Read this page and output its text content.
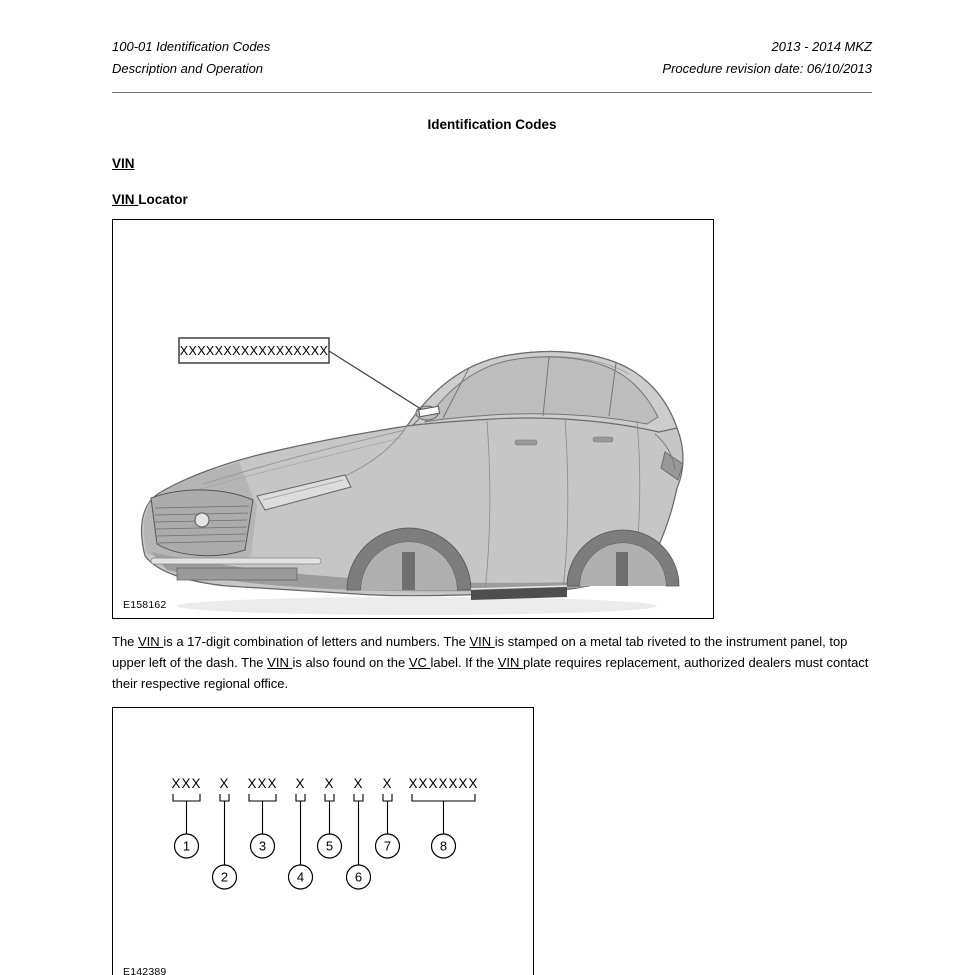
100-01 Identification Codes
Description and Operation
2013 - 2014 MKZ
Procedure revision date: 06/10/2013
Identification Codes
VIN
VIN Locator
XXXXXXXXXXXXXXXXX
E158162

The VIN is a 17-digit combination of letters and numbers. The VIN is stamped on a metal tab riveted to the instrument panel, top upper left of the dash. The VIN is also found on the VC label. If the VIN plate requires replacement, authorized dealers must contact their respective regional office.

XXX
1
X
2
XXX
3
X
4
X
5
X
6
X
7
XXXXXXX
8
E142389
